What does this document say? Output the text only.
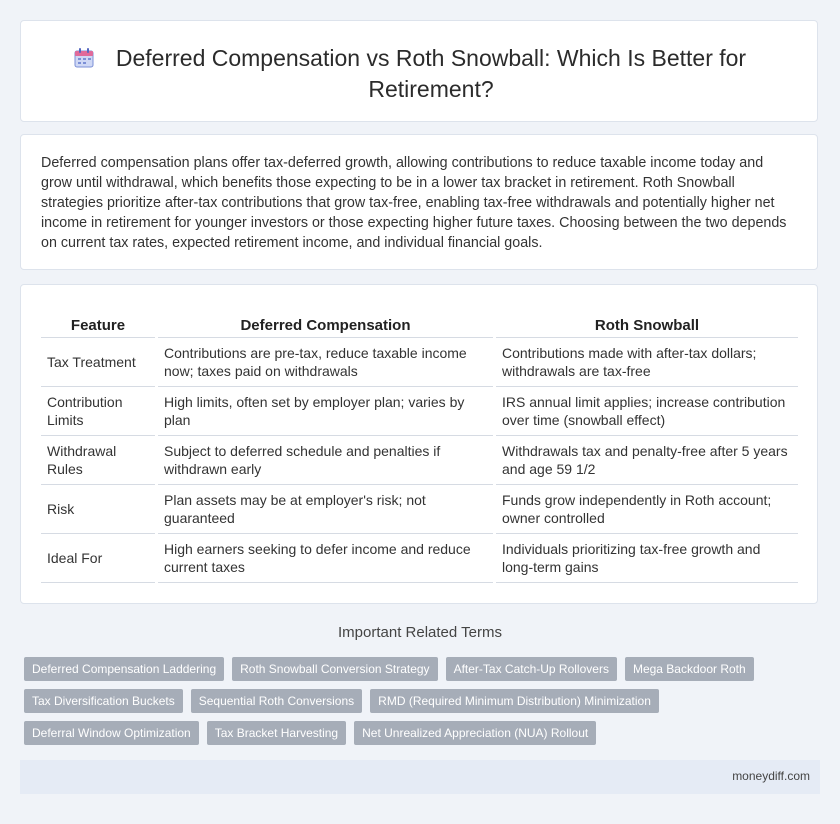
Deferred Compensation vs Roth Snowball: Which Is Better for Retirement?

Deferred compensation plans offer tax-deferred growth, allowing contributions to reduce taxable income today and grow until withdrawal, which benefits those expecting to be in a lower tax bracket in retirement. Roth Snowball strategies prioritize after-tax contributions that grow tax-free, enabling tax-free withdrawals and potentially higher net income in retirement for younger investors or those expecting higher future taxes. Choosing between the two depends on current tax rates, expected retirement income, and individual financial goals.

Feature	Deferred Compensation	Roth Snowball
Tax Treatment	Contributions are pre-tax, reduce taxable income now; taxes paid on withdrawals	Contributions made with after-tax dollars; withdrawals are tax-free
Contribution Limits	High limits, often set by employer plan; varies by plan	IRS annual limit applies; increase contribution over time (snowball effect)
Withdrawal Rules	Subject to deferred schedule and penalties if withdrawn early	Withdrawals tax and penalty-free after 5 years and age 59 1/2
Risk	Plan assets may be at employer's risk; not guaranteed	Funds grow independently in Roth account; owner controlled
Ideal For	High earners seeking to defer income and reduce current taxes	Individuals prioritizing tax-free growth and long-term gains
Important Related Terms
Deferred Compensation Laddering	Roth Snowball Conversion Strategy	After-Tax Catch-Up Rollovers	Mega Backdoor Roth
Tax Diversification Buckets	Sequential Roth Conversions	RMD (Required Minimum Distribution) Minimization
Deferral Window Optimization	Tax Bracket Harvesting	Net Unrealized Appreciation (NUA) Rollout
moneydiff.com
